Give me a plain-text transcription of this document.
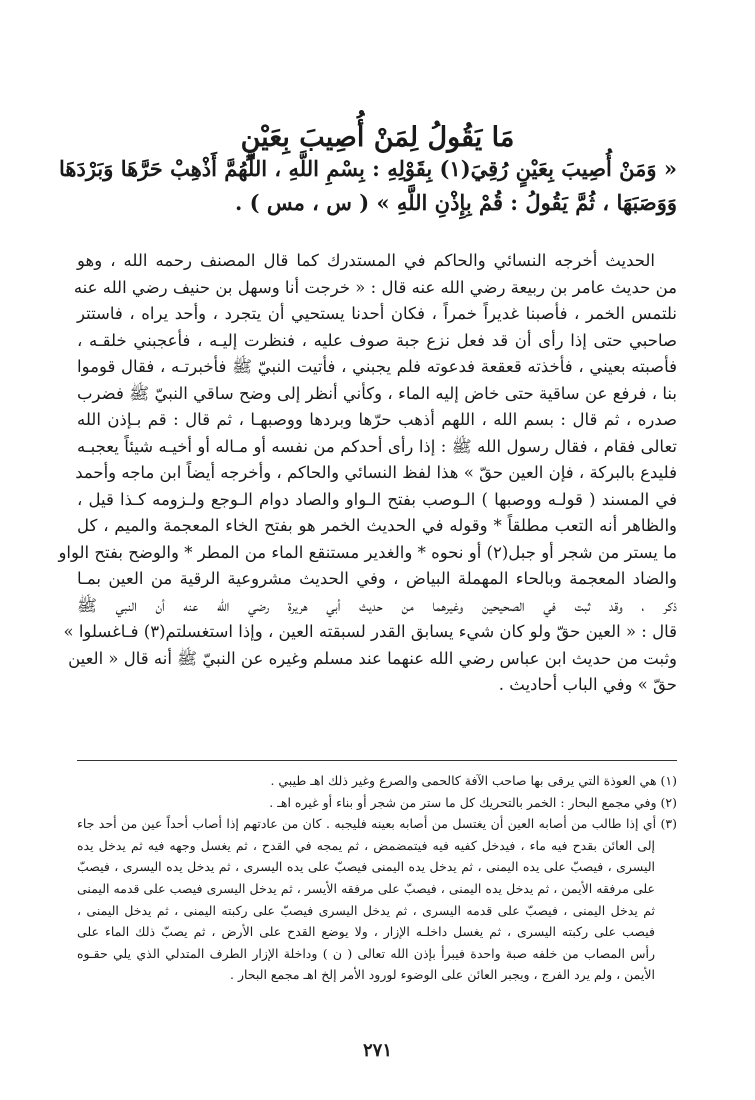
مَا يَقُولُ لِمَنْ أُصِيبَ بِعَيْنٍ

« وَمَنْ أُصِيبَ بِعَيْنٍ رُقِيَ(١) بِقَوْلِهِ : بِسْمِ اللَّهِ ، اللَّهُمَّ أَذْهِبْ حَرَّهَا وَبَرْدَهَا

وَوَصَبَهَا ، ثُمَّ يَقُولُ : قُمْ بِإِذْنِ اللَّهِ » ( س ، مس ) .

الحديث أخرجه النسائي والحاكم في المستدرك كما قال المصنف رحمه الله ، وهو

من حديث عامر بن ربيعة رضي الله عنه قال : « خرجت أنا وسهل بن حنيف رضي الله عنه

نلتمس الخمر ، فأصبنا غديراً خمراً ، فكان أحدنا يستحيي أن يتجرد ، وأحد يراه ، فاستتر

صاحبي حتى إذا رأى أن قد فعل نزع جبة صوف عليه ، فنظرت إليـه ، فأعجبني خلقـه ،

فأصبته بعيني ، فأخذته قعقعة فدعوته فلم يجبني ، فأتيت النبيّ ﷺ فأخبرتـه ، فقال قوموا

بنا ، فرفع عن ساقية حتى خاض إليه الماء ، وكأني أنظر إلى وضح ساقي النبيّ ﷺ فضرب

صدره ، ثم قال : بسم الله ، اللهم أذهب حرّها وبردها ووصبهـا ، ثم قال : قم بـإذن الله

تعالى فقام ، فقال رسول الله ﷺ : إذا رأى أحدكم من نفسه أو مـاله أو أخيـه شيئاً يعجبـه

فليدع بالبركة ، فإن العين حقّ » هذا لفظ النسائي والحاكم ، وأخرجه أيضاً ابن ماجه وأحمد

في المسند ( قولـه ووصبها ) الـوصب بفتح الـواو والصاد دوام الـوجع ولـزومه كـذا قيل ،

والظاهر أنه التعب مطلقاً * وقوله في الحديث الخمر هو بفتح الخاء المعجمة والميم ، كل

ما يستر من شجر أو جبل(٢) أو نحوه * والغدير مستنقع الماء من المطر * والوضح بفتح الواو

والضاد المعجمة وبالحاء المهملة البياض ، وفي الحديث مشروعية الرقية من العين بمـا

ذكر ، وقد ثبت في الصحيحين وغيرهما من حديث أبي هريرة رضي الله عنه أن النبي ﷺ

قال : « العين حقّ ولو كان شيء يسابق القدر لسبقته العين ، وإذا استغسلتم(٣) فـاغسلوا »

وثبت من حديث ابن عباس رضي الله عنهما عند مسلم وغيره عن النبيّ ﷺ أنه قال « العين

حقّ » وفي الباب أحاديث .

(١) هي العوذة التي يرقى بها صاحب الآفة كالحمى والصرع وغير ذلك اهـ طيبي .

(٢) وفي مجمع البحار : الخمر بالتحريك كل ما ستر من شجر أو بناء أو غيره اهـ .

(٣) أي إذا طالب من أصابه العين أن يغتسل من أصابه بعينه فليجبه . كان من عادتهم إذا أصاب أحداً عين من أحد جاء

إلى العائن بقدح فيه ماء ، فيدخل كفيه فيه فيتمضمض ، ثم يمجه في القدح ، ثم يغسل وجهه فيه ثم يدخل يده

اليسرى ، فيصبّ على يده اليمنى ، ثم يدخل يده اليمنى فيصبّ على يده اليسرى ، ثم يدخل يده اليسرى ، فيصبّ

على مرفقه الأيمن ، ثم يدخل يده اليمنى ، فيصبّ على مرفقه الأيسر ، ثم يدخل اليسرى فيصب على قدمه اليمنى

ثم يدخل اليمنى ، فيصبّ على قدمه اليسرى ، ثم يدخل اليسرى فيصبّ على ركبته اليمنى ، ثم يدخل اليمنى ،

فيصب على ركبته اليسرى ، ثم يغسل داخلـه الإزار ، ولا يوضع القدح على الأرض ، ثم يصبّ ذلك الماء على

رأس المصاب من خلفه صبة واحدة فيبرأ بإذن الله تعالى ( ن ) وداخلة الإزار الطرف المتدلي الذي يلي حقـوه

الأيمن ، ولم يرد الفرج ، ويجبر العائن على الوضوء لورود الأمر إلخ اهـ مجمع البحار .

٢٧١
